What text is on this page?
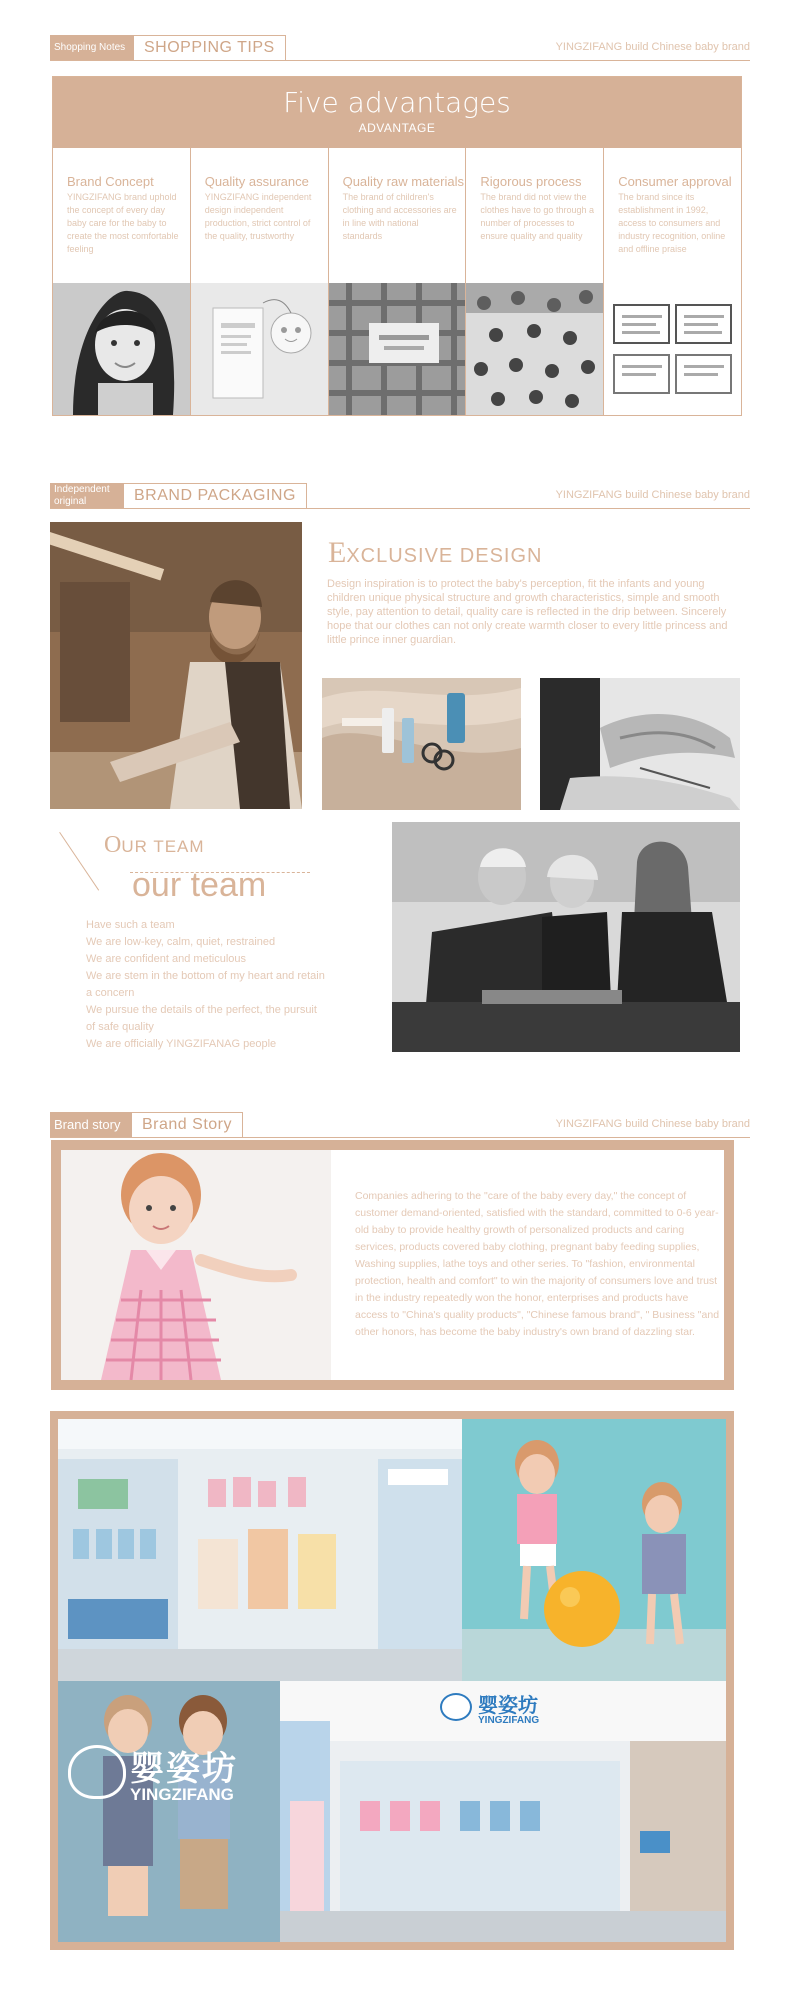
Shopping Notes	SHOPPING TIPS	YINGZIFANG build Chinese baby brand
Five advantages
ADVANTAGE
Brand Concept
YINGZIFANG brand uphold the concept of every day baby care for the baby to create the most comfortable feeling
Quality assurance
YINGZIFANG independent design independent production, strict control of the quality, trustworthy
Quality raw materials
The brand of children's clothing and accessories are in line with national standards
Rigorous process
The brand did not view the clothes have to go through a number of processes to ensure quality and quality
Consumer approval
The brand since its establishment in 1992, access to consumers and industry recognition, online and offline praise
Independent
original	BRAND PACKAGING	YINGZIFANG build Chinese baby brand
EXCLUSIVE DESIGN
Design inspiration is to protect the baby's perception, fit the infants and young children unique physical structure and growth characteristics, simple and smooth style, pay attention to detail, quality care is reflected in the drip between. Sincerely hope that our clothes can not only create warmth closer to every little princess and little prince inner guardian.
OUR TEAM
our team
Have such a team
We are low-key, calm, quiet, restrained
We are confident and meticulous
We are stem in the bottom of my heart and retain a concern
We pursue the details of the perfect, the pursuit of safe quality
We are officially YINGZIFANAG people
Brand story	Brand Story	YINGZIFANG build Chinese baby brand
Companies adhering to the "care of the baby every day," the concept of customer demand-oriented, satisfied with the standard, committed to 0-6 year-old baby to provide healthy growth of personalized products and caring services, products covered baby clothing, pregnant baby feeding supplies, Washing supplies, lathe toys and other series. To "fashion, environmental protection, health and comfort" to win the majority of consumers love and trust in the industry repeatedly won the honor, enterprises and products have access to "China's quality products", "Chinese famous brand", " Business "and other honors, has become the baby industry's own brand of dazzling star.
婴姿坊
YINGZIFANG
婴姿坊
YINGZIFANG
